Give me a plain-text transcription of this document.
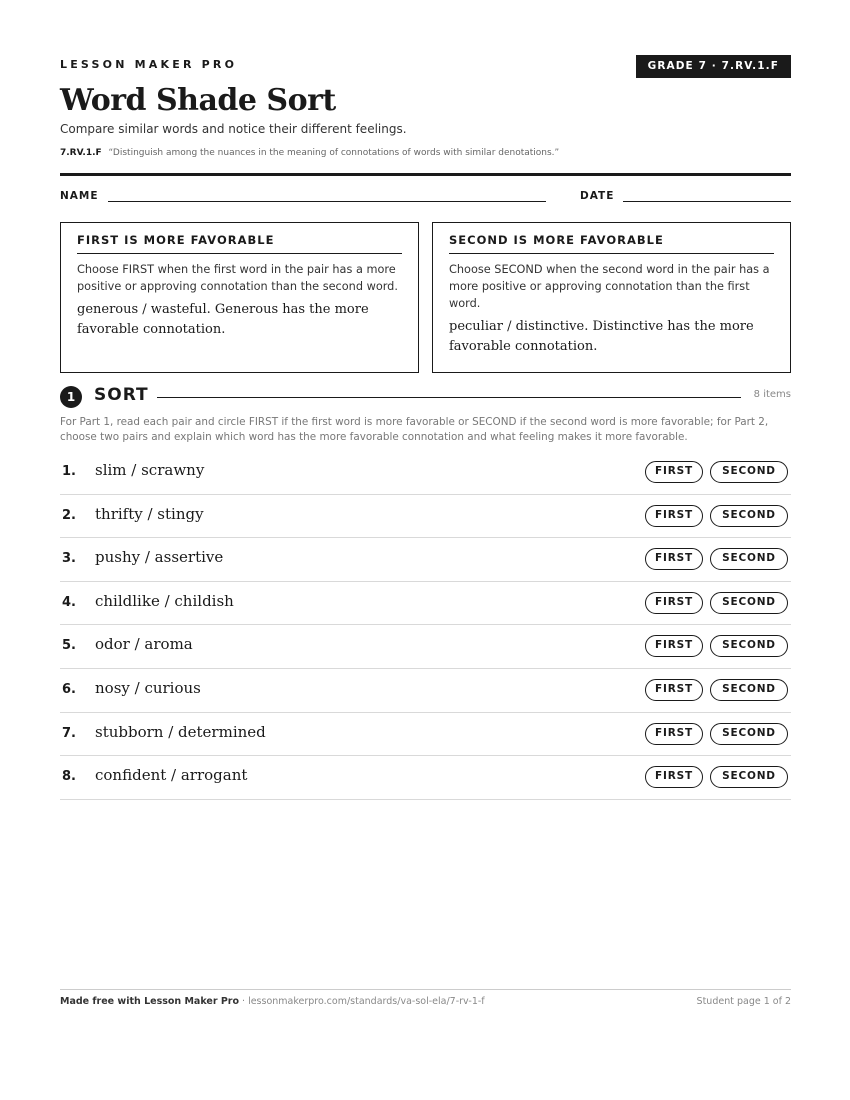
LESSON MAKER PRO	GRADE 7 · 7.RV.1.F
Word Shade Sort
Compare similar words and notice their different feelings.
7.RV.1.F “Distinguish among the nuances in the meaning of connotations of words with similar denotations.”
NAME	DATE
FIRST IS MORE FAVORABLE
Choose FIRST when the first word in the pair has a more positive or approving connotation than the second word.
generous / wasteful. Generous has the more favorable connotation.
SECOND IS MORE FAVORABLE
Choose SECOND when the second word in the pair has a more positive or approving connotation than the first word.
peculiar / distinctive. Distinctive has the more favorable connotation.
1	SORT	8 items
For Part 1, read each pair and circle FIRST if the first word is more favorable or SECOND if the second word is more favorable; for Part 2, choose two pairs and explain which word has the more favorable connotation and what feeling makes it more favorable.
1. slim / scrawny	FIRST	SECOND
2. thrifty / stingy	FIRST	SECOND
3. pushy / assertive	FIRST	SECOND
4. childlike / childish	FIRST	SECOND
5. odor / aroma	FIRST	SECOND
6. nosy / curious	FIRST	SECOND
7. stubborn / determined	FIRST	SECOND
8. confident / arrogant	FIRST	SECOND
Made free with Lesson Maker Pro · lessonmakerpro.com/standards/va-sol-ela/7-rv-1-f	Student page 1 of 2
